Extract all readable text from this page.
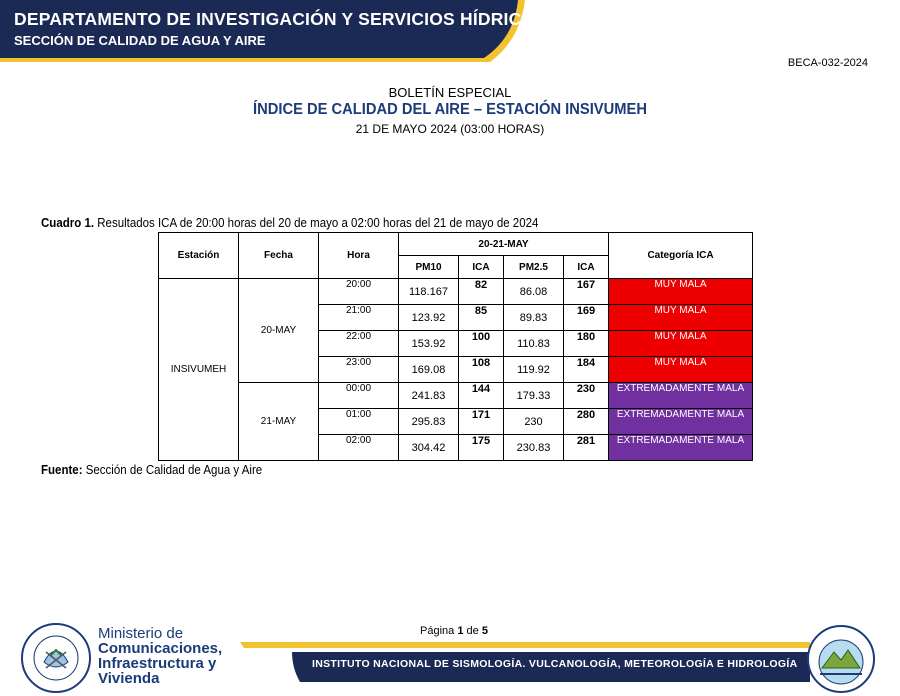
DEPARTAMENTO DE INVESTIGACIÓN Y SERVICIOS HÍDRICOS
SECCIÓN DE CALIDAD DE AGUA Y AIRE
BECA-032-2024
BOLETÍN ESPECIAL
ÍNDICE DE CALIDAD DEL AIRE – ESTACIÓN INSIVUMEH
21 DE MAYO 2024 (03:00 HORAS)
Cuadro 1. Resultados ICA de 20:00 horas del 20 de mayo a 02:00 horas del 21 de mayo de 2024
Estación	Fecha	Hora	20-21-MAY				Categoría ICA
			PM10	ICA	PM2.5	ICA	
INSIVUMEH	20-MAY	20:00	118.167	82	86.08	167	MUY MALA
		21:00	123.92	85	89.83	169	MUY MALA
		22:00	153.92	100	110.83	180	MUY MALA
		23:00	169.08	108	119.92	184	MUY MALA
	21-MAY	00:00	241.83	144	179.33	230	EXTREMADAMENTE MALA
		01:00	295.83	171	230	280	EXTREMADAMENTE MALA
		02:00	304.42	175	230.83	281	EXTREMADAMENTE MALA
Fuente: Sección de Calidad de Agua y Aire
Página 1 de 5
Ministerio de
Comunicaciones,
Infraestructura y
Vivienda
INSTITUTO NACIONAL DE SISMOLOGÍA. VULCANOLOGÍA, METEOROLOGÍA E HIDROLOGÍA
